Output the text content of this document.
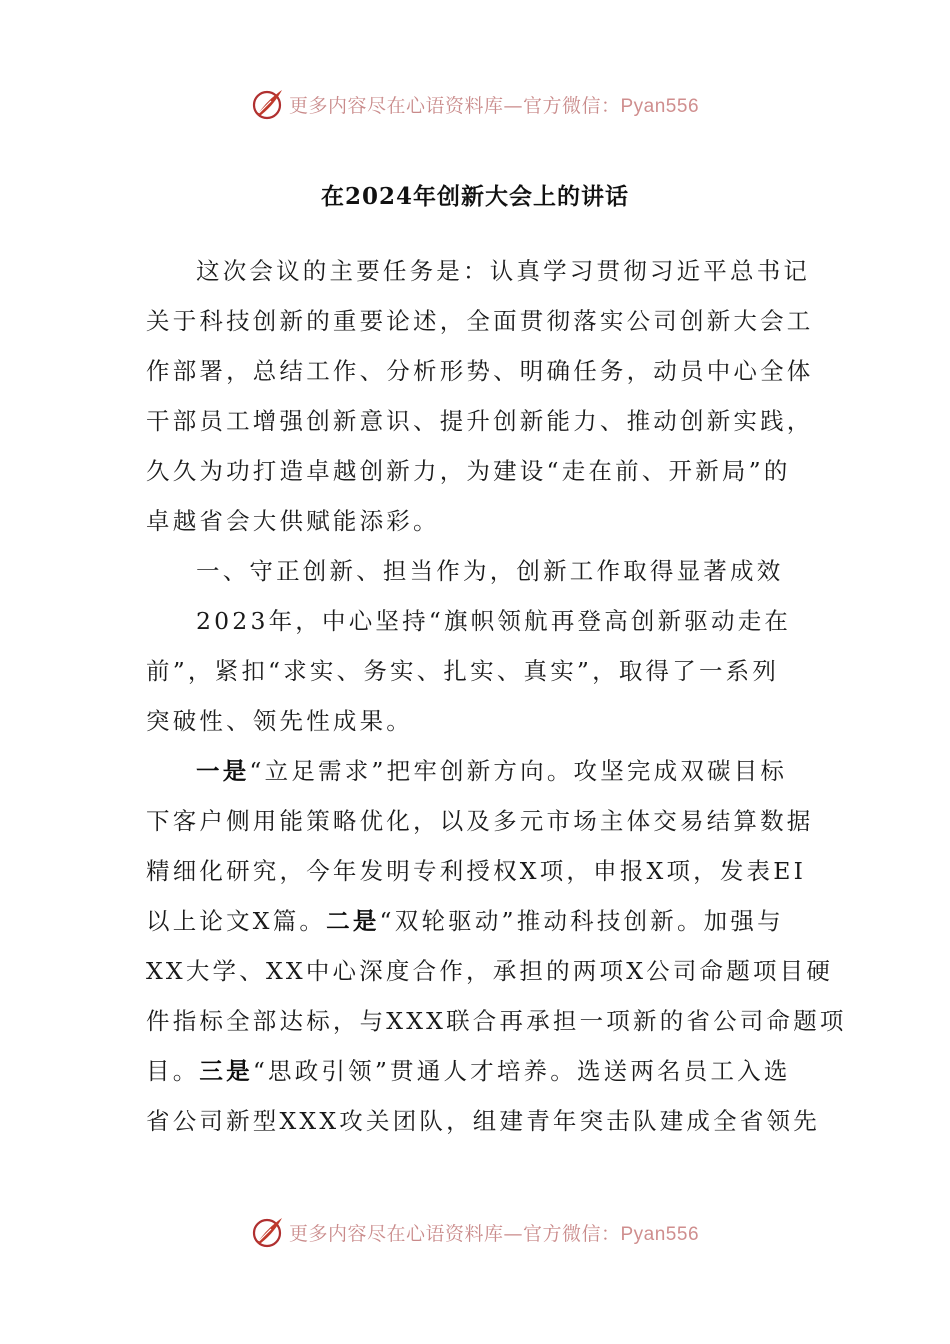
更多内容尽在心语资料库—官方微信：Pyan556
在2024年创新大会上的讲话
这次会议的主要任务是：认真学习贯彻习近平总书记
关于科技创新的重要论述，全面贯彻落实公司创新大会工
作部署，总结工作、分析形势、明确任务，动员中心全体
干部员工增强创新意识、提升创新能力、推动创新实践，
久久为功打造卓越创新力，为建设“走在前、开新局”的
卓越省会大供赋能添彩。
一、守正创新、担当作为，创新工作取得显著成效
2023年，中心坚持“旗帜领航再登高创新驱动走在
前”，紧扣“求实、务实、扎实、真实”，取得了一系列
突破性、领先性成果。
一是“立足需求”把牢创新方向。攻坚完成双碳目标
下客户侧用能策略优化，以及多元市场主体交易结算数据
精细化研究，今年发明专利授权X项，申报X项，发表EI
以上论文X篇。二是“双轮驱动”推动科技创新。加强与
XX大学、XX中心深度合作，承担的两项X公司命题项目硬
件指标全部达标，与XXX联合再承担一项新的省公司命题项
目。三是“思政引领”贯通人才培养。选送两名员工入选
省公司新型XXX攻关团队，组建青年突击队建成全省领先
更多内容尽在心语资料库—官方微信：Pyan556
